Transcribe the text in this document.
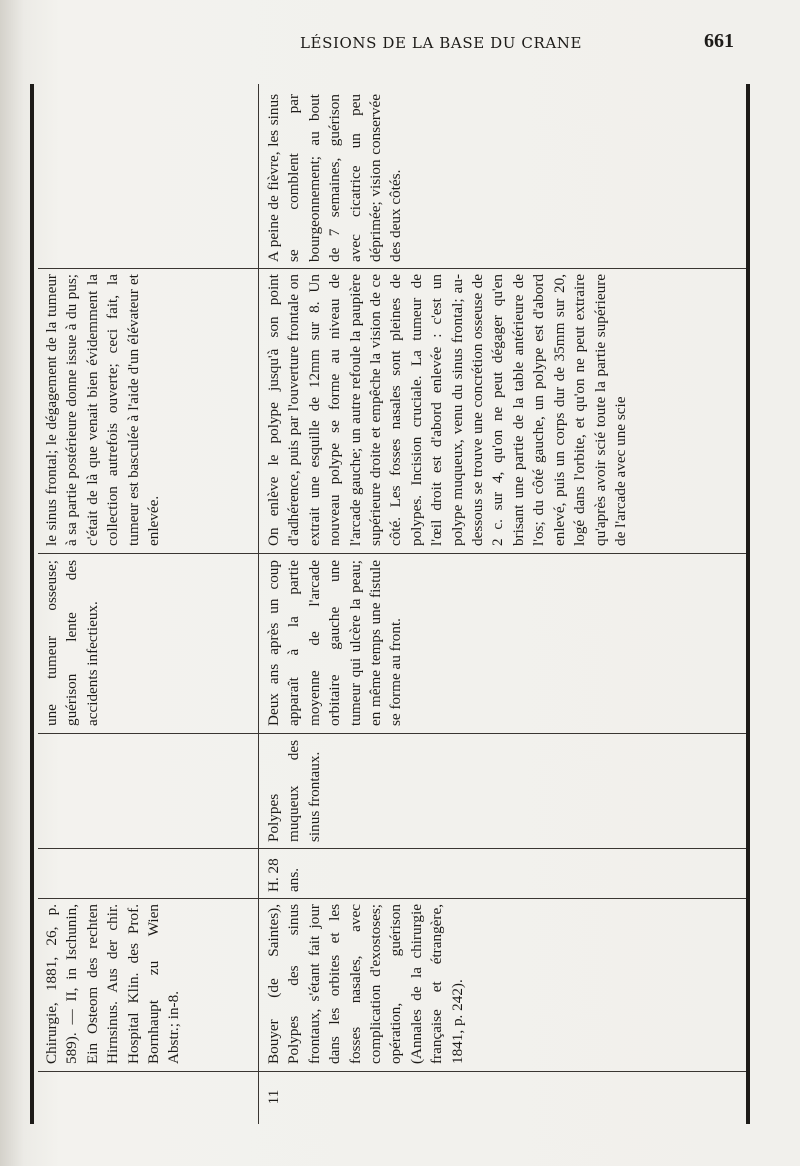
LÉSIONS DE LA BASE DU CRANE	661
Chirurgie, 1881, 26, p. 589). — II, in Ischunin, Ein Osteom des rechten Hirnsinus. Aus der chir. Hospital Klin. des Prof. Bornhaupt zu Wien Abstr.; in-8.
une tumeur osseuse; guérison lente des accidents infectieux.
le sinus frontal; le dégagement de la tumeur à sa partie postérieure donne issue à du pus; c'était de là que venait bien évidemment la collection autrefois ouverte; ceci fait, la tumeur est basculée à l'aide d'un élévateur et enlevée.
11
Bouyer (de Saintes), Polypes des sinus frontaux, s'étant fait jour dans les orbites et les fosses nasales, avec complication d'exostoses; opération, guérison (Annales de la chirurgie française et étrangère, 1841, p. 242).
H. 28 ans.
Polypes muqueux des sinus frontaux.
Deux ans après un coup apparaît à la partie moyenne de l'arcade orbitaire gauche une tumeur qui ulcère la peau; en même temps une fistule se forme au front.
On enlève le polype jusqu'à son point d'adhérence, puis par l'ouverture frontale on extrait une esquille de 12mm sur 8. Un nouveau polype se forme au niveau de l'arcade gauche; un autre refoule la paupière supérieure droite et empêche la vision de ce côté. Les fosses nasales sont pleines de polypes. Incision cruciale. La tumeur de l'œil droit est d'abord enlevée : c'est un polype muqueux, venu du sinus frontal; au-dessous se trouve une concrétion osseuse de 2 c. sur 4, qu'on ne peut dégager qu'en brisant une partie de la table antérieure de l'os; du côté gauche, un polype est d'abord enlevé, puis un corps dur de 35mm sur 20, logé dans l'orbite, et qu'on ne peut extraire qu'après avoir scié toute la partie supérieure de l'arcade avec une scie
A peine de fièvre, les sinus se comblent par bourgeonnement; au bout de 7 semaines, guérison avec cicatrice un peu déprimée; vision conservée des deux côtés.
